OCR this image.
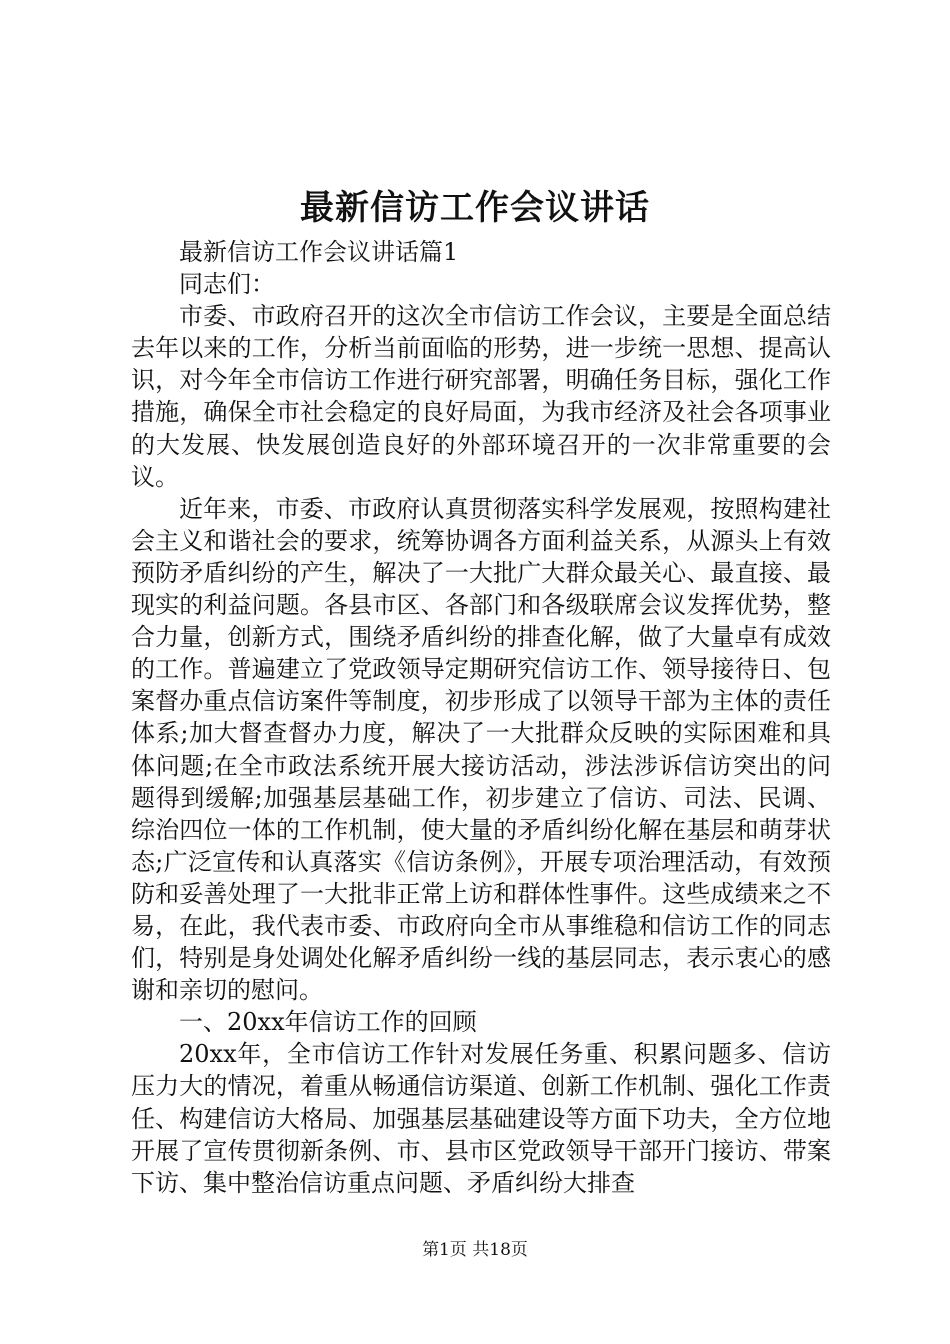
最新信访工作会议讲话

最新信访工作会议讲话篇1

同志们：

市委、市政府召开的这次全市信访工作会议，主要是全面总结去年以来的工作，分析当前面临的形势，进一步统一思想、提高认识，对今年全市信访工作进行研究部署，明确任务目标，强化工作措施，确保全市社会稳定的良好局面，为我市经济及社会各项事业的大发展、快发展创造良好的外部环境召开的一次非常重要的会议。

近年来，市委、市政府认真贯彻落实科学发展观，按照构建社会主义和谐社会的要求，统筹协调各方面利益关系，从源头上有效预防矛盾纠纷的产生，解决了一大批广大群众最关心、最直接、最现实的利益问题。各县市区、各部门和各级联席会议发挥优势，整合力量，创新方式，围绕矛盾纠纷的排查化解，做了大量卓有成效的工作。普遍建立了党政领导定期研究信访工作、领导接待日、包案督办重点信访案件等制度，初步形成了以领导干部为主体的责任体系;加大督查督办力度，解决了一大批群众反映的实际困难和具体问题;在全市政法系统开展大接访活动，涉法涉诉信访突出的问题得到缓解;加强基层基础工作，初步建立了信访、司法、民调、综治四位一体的工作机制，使大量的矛盾纠纷化解在基层和萌芽状态;广泛宣传和认真落实《信访条例》，开展专项治理活动，有效预防和妥善处理了一大批非正常上访和群体性事件。这些成绩来之不易，在此，我代表市委、市政府向全市从事维稳和信访工作的同志们，特别是身处调处化解矛盾纠纷一线的基层同志，表示衷心的感谢和亲切的慰问。

一、20xx年信访工作的回顾

20xx年，全市信访工作针对发展任务重、积累问题多、信访压力大的情况，着重从畅通信访渠道、创新工作机制、强化工作责任、构建信访大格局、加强基层基础建设等方面下功夫，全方位地开展了宣传贯彻新条例、市、县市区党政领导干部开门接访、带案下访、集中整治信访重点问题、矛盾纠纷大排查

第1页 共18页
